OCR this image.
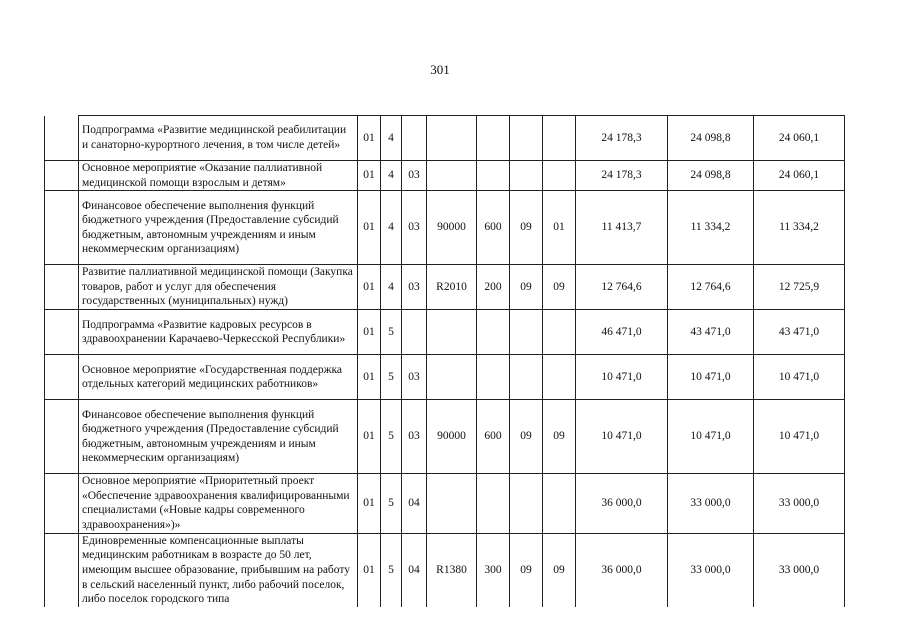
301
	Подпрограмма «Развитие медицинской реабилитации и санаторно-курортного лечения, в том числе детей»	01	4						24 178,3	24 098,8	24 060,1
	Основное мероприятие «Оказание паллиативной медицинской помощи взрослым и детям»	01	4	03					24 178,3	24 098,8	24 060,1
	Финансовое обеспечение выполнения функций бюджетного учреждения (Предоставление субсидий бюджетным, автономным учреждениям и иным некоммерческим организациям)	01	4	03	90000	600	09	01	11 413,7	11 334,2	11 334,2
	Развитие паллиативной медицинской помощи (Закупка товаров, работ и услуг для обеспечения государственных (муниципальных) нужд)	01	4	03	R2010	200	09	09	12 764,6	12 764,6	12 725,9
	Подпрограмма «Развитие кадровых ресурсов в здравоохранении Карачаево-Черкесской Республики»	01	5						46 471,0	43 471,0	43 471,0
	Основное мероприятие «Государственная поддержка отдельных категорий медицинских работников»	01	5	03					10 471,0	10 471,0	10 471,0
	Финансовое обеспечение выполнения функций бюджетного учреждения (Предоставление субсидий бюджетным, автономным учреждениям и иным некоммерческим организациям)	01	5	03	90000	600	09	09	10 471,0	10 471,0	10 471,0
	Основное мероприятие «Приоритетный проект «Обеспечение здравоохранения квалифицированными специалистами («Новые кадры современного здравоохранения»)»	01	5	04					36 000,0	33 000,0	33 000,0
	Единовременные компенсационные выплаты медицинским работникам в возрасте до 50 лет, имеющим высшее образование, прибывшим на работу в сельский населенный пункт, либо рабочий поселок, либо поселок городского типа	01	5	04	R1380	300	09	09	36 000,0	33 000,0	33 000,0
